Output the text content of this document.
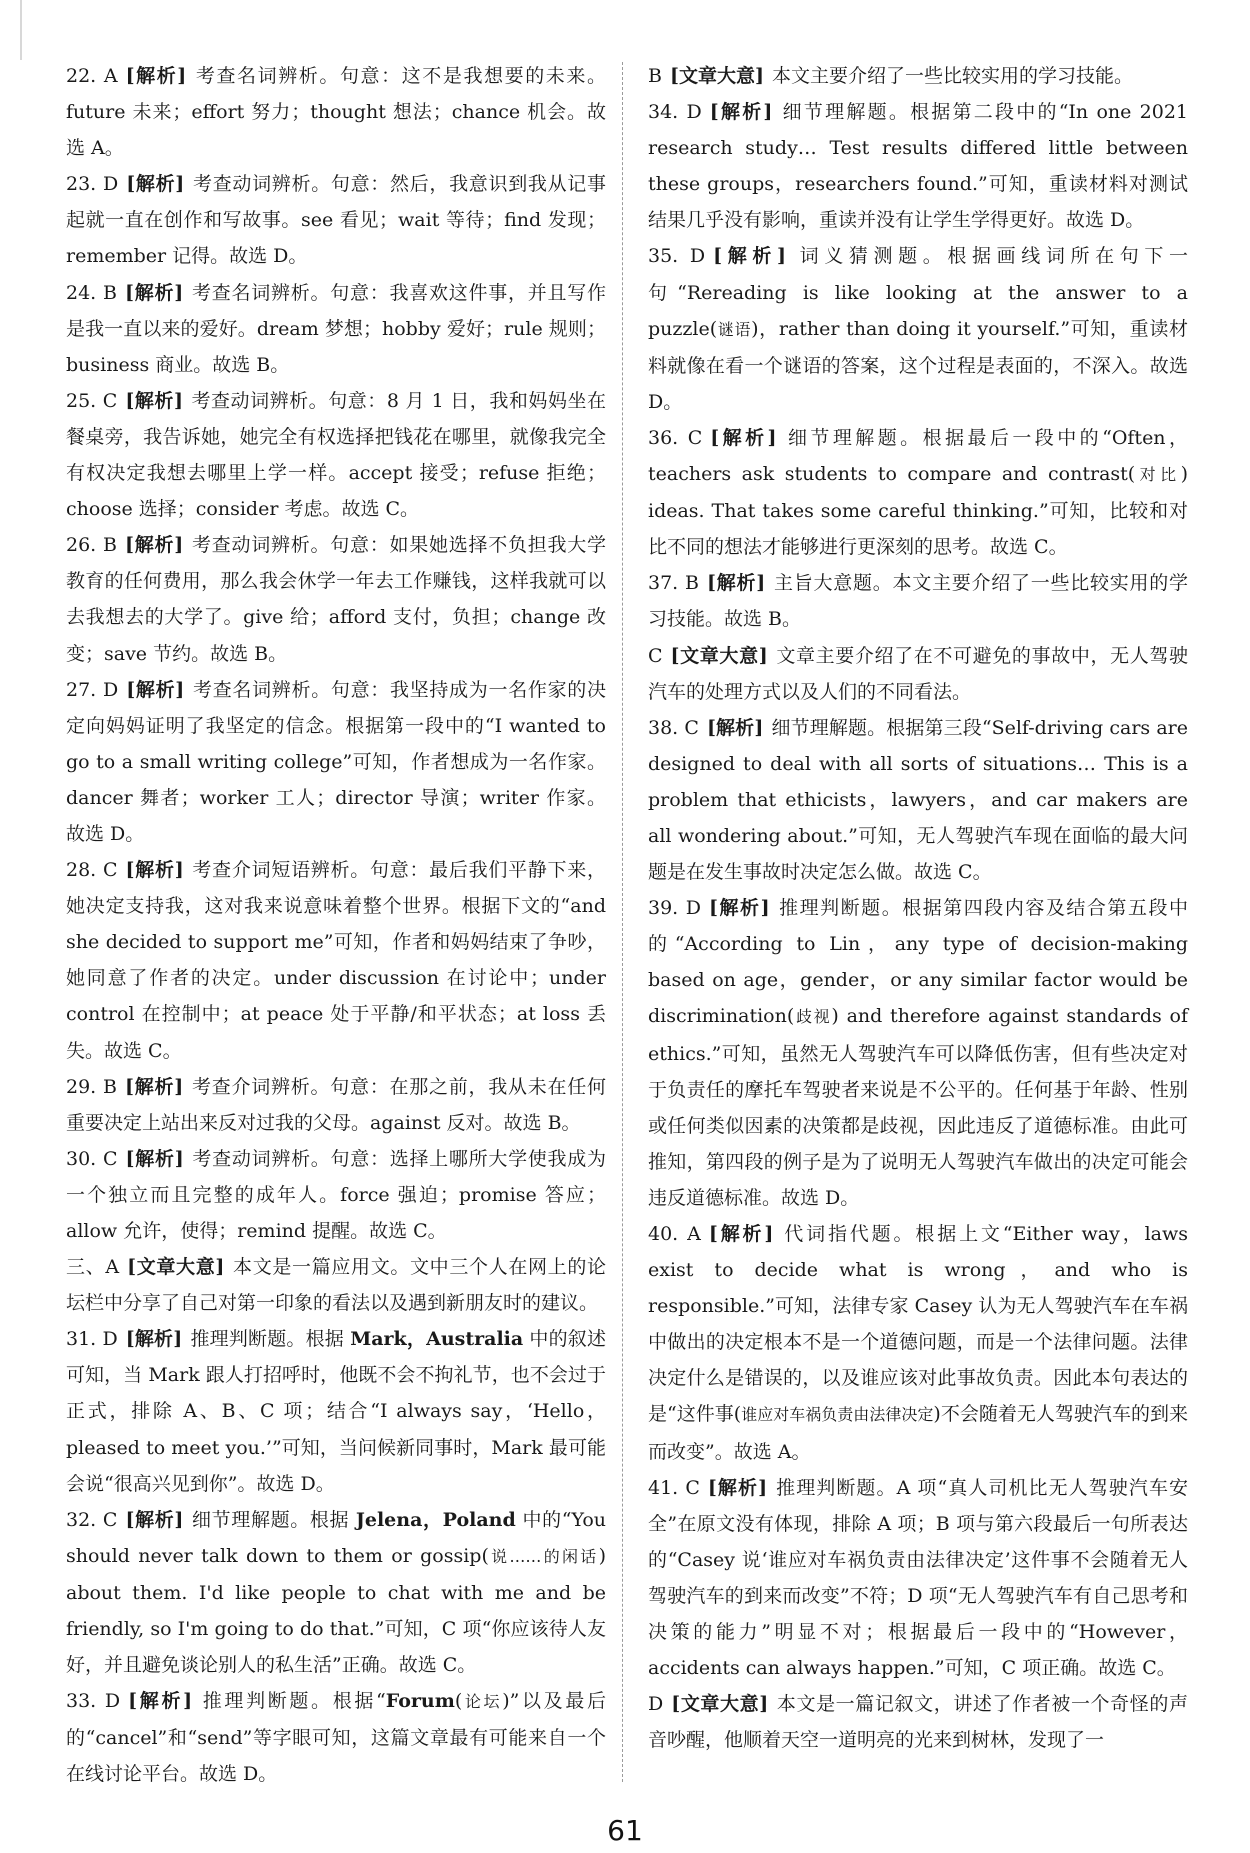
22. A [解析] 考查名词辨析。句意：这不是我想要的未来。future 未来；effort 努力；thought 想法；chance 机会。故选 A。

23. D [解析] 考查动词辨析。句意：然后，我意识到我从记事起就一直在创作和写故事。see 看见；wait 等待；find 发现；remember 记得。故选 D。

24. B [解析] 考查名词辨析。句意：我喜欢这件事，并且写作是我一直以来的爱好。dream 梦想；hobby 爱好；rule 规则；business 商业。故选 B。

25. C [解析] 考查动词辨析。句意：8 月 1 日，我和妈妈坐在餐桌旁，我告诉她，她完全有权选择把钱花在哪里，就像我完全有权决定我想去哪里上学一样。accept 接受；refuse 拒绝；choose 选择；consider 考虑。故选 C。

26. B [解析] 考查动词辨析。句意：如果她选择不负担我大学教育的任何费用，那么我会休学一年去工作赚钱，这样我就可以去我想去的大学了。give 给；afford 支付，负担；change 改变；save 节约。故选 B。

27. D [解析] 考查名词辨析。句意：我坚持成为一名作家的决定向妈妈证明了我坚定的信念。根据第一段中的“I wanted to go to a small writing college”可知，作者想成为一名作家。dancer 舞者；worker 工人；director 导演；writer 作家。故选 D。

28. C [解析] 考查介词短语辨析。句意：最后我们平静下来，她决定支持我，这对我来说意味着整个世界。根据下文的“and she decided to support me”可知，作者和妈妈结束了争吵，她同意了作者的决定。under discussion 在讨论中；under control 在控制中；at peace 处于平静/和平状态；at loss 丢失。故选 C。

29. B [解析] 考查介词辨析。句意：在那之前，我从未在任何重要决定上站出来反对过我的父母。against 反对。故选 B。

30. C [解析] 考查动词辨析。句意：选择上哪所大学使我成为一个独立而且完整的成年人。force 强迫；promise 答应；allow 允许，使得；remind 提醒。故选 C。

三、A [文章大意] 本文是一篇应用文。文中三个人在网上的论坛栏中分享了自己对第一印象的看法以及遇到新朋友时的建议。

31. D [解析] 推理判断题。根据 Mark，Australia 中的叙述可知，当 Mark 跟人打招呼时，他既不会不拘礼节，也不会过于正式，排除 A、B、C 项；结合“I always say，‘Hello，pleased to meet you.’”可知，当问候新同事时，Mark 最可能会说“很高兴见到你”。故选 D。

32. C [解析] 细节理解题。根据 Jelena，Poland 中的“You should never talk down to them or gossip(说……的闲话) about them. I'd like people to chat with me and be friendly, so I'm going to do that.”可知，C 项“你应该待人友好，并且避免谈论别人的私生活”正确。故选 C。

33. D [解析] 推理判断题。根据“Forum(论坛)”以及最后的“cancel”和“send”等字眼可知，这篇文章最有可能来自一个在线讨论平台。故选 D。

B [文章大意] 本文主要介绍了一些比较实用的学习技能。

34. D [解析] 细节理解题。根据第二段中的“In one 2021 research study… Test results differed little between these groups，researchers found.”可知，重读材料对测试结果几乎没有影响，重读并没有让学生学得更好。故选 D。

35. D [解析] 词义猜测题。根据画线词所在句下一句“Rereading is like looking at the answer to a puzzle(谜语)，rather than doing it yourself.”可知，重读材料就像在看一个谜语的答案，这个过程是表面的，不深入。故选 D。

36. C [解析] 细节理解题。根据最后一段中的“Often，teachers ask students to compare and contrast(对比) ideas. That takes some careful thinking.”可知，比较和对比不同的想法才能够进行更深刻的思考。故选 C。

37. B [解析] 主旨大意题。本文主要介绍了一些比较实用的学习技能。故选 B。

C [文章大意] 文章主要介绍了在不可避免的事故中，无人驾驶汽车的处理方式以及人们的不同看法。

38. C [解析] 细节理解题。根据第三段“Self-driving cars are designed to deal with all sorts of situations… This is a problem that ethicists，lawyers，and car makers are all wondering about.”可知，无人驾驶汽车现在面临的最大问题是在发生事故时决定怎么做。故选 C。

39. D [解析] 推理判断题。根据第四段内容及结合第五段中的“According to Lin，any type of decision-making based on age，gender，or any similar factor would be discrimination(歧视) and therefore against standards of ethics.”可知，虽然无人驾驶汽车可以降低伤害，但有些决定对于负责任的摩托车驾驶者来说是不公平的。任何基于年龄、性别或任何类似因素的决策都是歧视，因此违反了道德标准。由此可推知，第四段的例子是为了说明无人驾驶汽车做出的决定可能会违反道德标准。故选 D。

40. A [解析] 代词指代题。根据上文“Either way，laws exist to decide what is wrong，and who is responsible.”可知，法律专家 Casey 认为无人驾驶汽车在车祸中做出的决定根本不是一个道德问题，而是一个法律问题。法律决定什么是错误的，以及谁应该对此事故负责。因此本句表达的是“这件事(谁应对车祸负责由法律决定)不会随着无人驾驶汽车的到来而改变”。故选 A。

41. C [解析] 推理判断题。A 项“真人司机比无人驾驶汽车安全”在原文没有体现，排除 A 项；B 项与第六段最后一句所表达的“Casey 说‘谁应对车祸负责由法律决定’这件事不会随着无人驾驶汽车的到来而改变”不符；D 项“无人驾驶汽车有自己思考和决策的能力”明显不对；根据最后一段中的“However，accidents can always happen.”可知，C 项正确。故选 C。

D [文章大意] 本文是一篇记叙文，讲述了作者被一个奇怪的声音吵醒，他顺着天空一道明亮的光来到树林，发现了一

61
